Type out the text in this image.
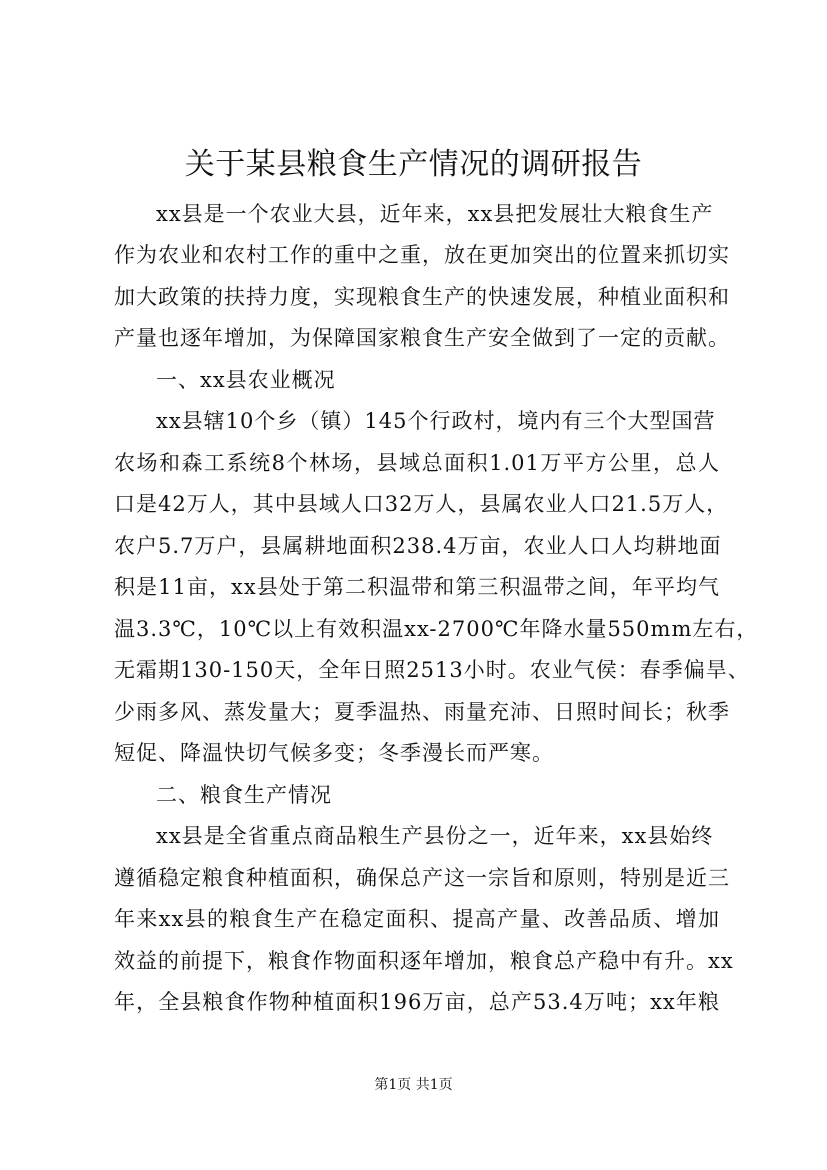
关于某县粮食生产情况的调研报告

xx县是一个农业大县，近年来，xx县把发展壮大粮食生产

作为农业和农村工作的重中之重，放在更加突出的位置来抓切实

加大政策的扶持力度，实现粮食生产的快速发展，种植业面积和

产量也逐年增加，为保障国家粮食生产安全做到了一定的贡献。

一、xx县农业概况

xx县辖10个乡（镇）145个行政村，境内有三个大型国营

农场和森工系统8个林场，县域总面积1.01万平方公里，总人

口是42万人，其中县域人口32万人，县属农业人口21.5万人，

农户5.7万户，县属耕地面积238.4万亩，农业人口人均耕地面

积是11亩，xx县处于第二积温带和第三积温带之间，年平均气

温3.3℃，10℃以上有效积温xx-2700℃年降水量550mm左右，

无霜期130-150天，全年日照2513小时。农业气侯：春季偏旱、

少雨多风、蒸发量大；夏季温热、雨量充沛、日照时间长；秋季

短促、降温快切气候多变；冬季漫长而严寒。

二、粮食生产情况

xx县是全省重点商品粮生产县份之一，近年来，xx县始终

遵循稳定粮食种植面积，确保总产这一宗旨和原则，特别是近三

年来xx县的粮食生产在稳定面积、提高产量、改善品质、增加

效益的前提下，粮食作物面积逐年增加，粮食总产稳中有升。xx

年，全县粮食作物种植面积196万亩，总产53.4万吨；xx年粮

第1页 共1页
